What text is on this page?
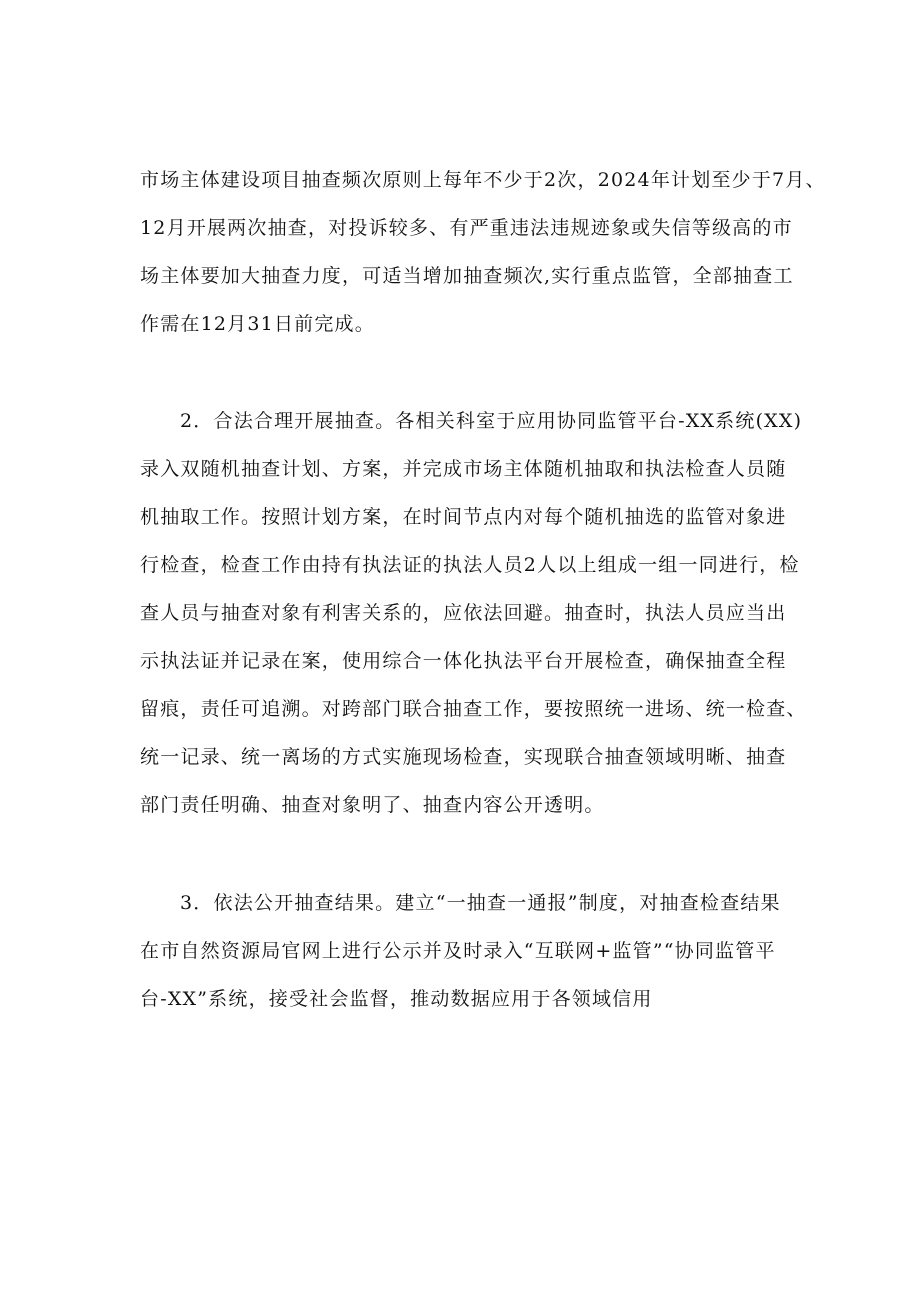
市场主体建设项目抽查频次原则上每年不少于2次，2024年计划至少于7月、
12月开展两次抽查，对投诉较多、有严重违法违规迹象或失信等级高的市
场主体要加大抽查力度，可适当增加抽查频次,实行重点监管，全部抽查工
作需在12月31日前完成。
2．合法合理开展抽查。各相关科室于应用协同监管平台-XX系统(XX)
录入双随机抽查计划、方案，并完成市场主体随机抽取和执法检查人员随
机抽取工作。按照计划方案，在时间节点内对每个随机抽选的监管对象进
行检查，检查工作由持有执法证的执法人员2人以上组成一组一同进行，检
查人员与抽查对象有利害关系的，应依法回避。抽查时，执法人员应当出
示执法证并记录在案，使用综合一体化执法平台开展检查，确保抽查全程
留痕，责任可追溯。对跨部门联合抽查工作，要按照统一进场、统一检查、
统一记录、统一离场的方式实施现场检查，实现联合抽查领域明晰、抽查
部门责任明确、抽查对象明了、抽查内容公开透明。
3．依法公开抽查结果。建立“一抽查一通报”制度，对抽查检查结果
在市自然资源局官网上进行公示并及时录入“互联网+监管”“协同监管平
台-XX”系统，接受社会监督，推动数据应用于各领域信用
